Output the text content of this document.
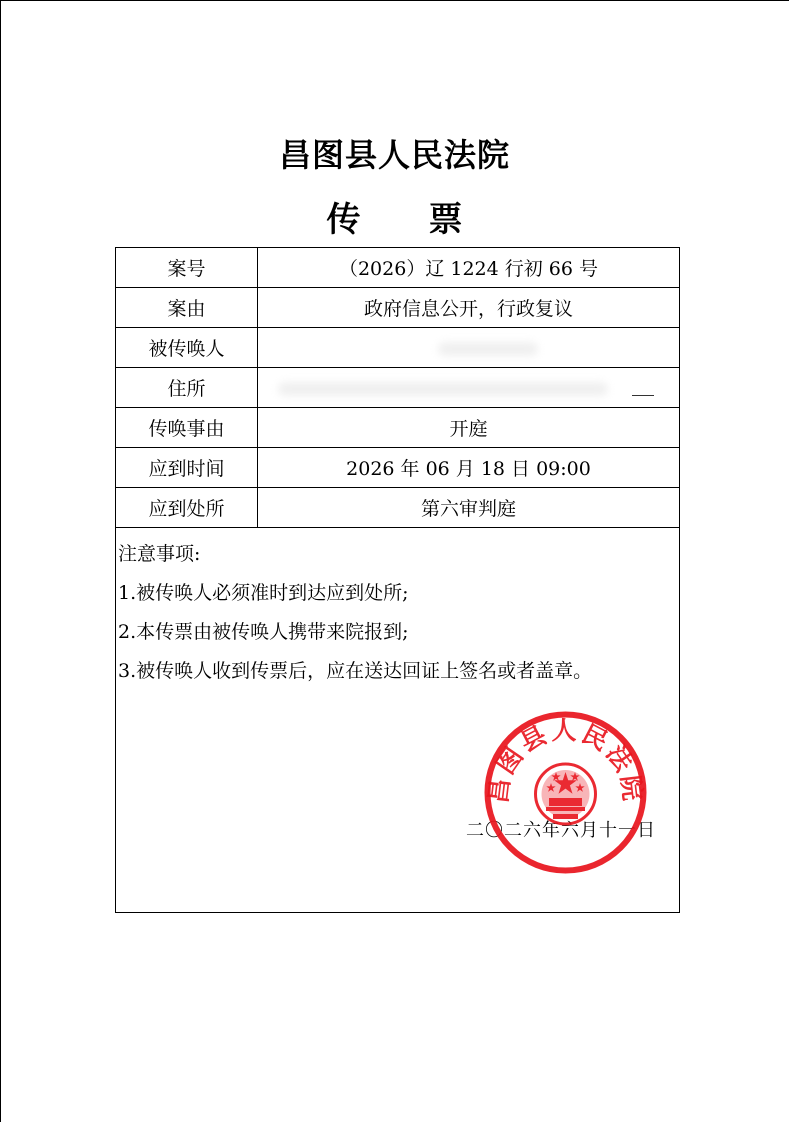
昌图县人民法院
传 票
案号	（2026）辽 1224 行初 66 号
案由	政府信息公开，行政复议
被传唤人
住所
传唤事由	开庭
应到时间	2026 年 06 月 18 日 09:00
应到处所	第六审判庭
注意事项:
1.被传唤人必须准时到达应到处所;
2.本传票由被传唤人携带来院报到;
3.被传唤人收到传票后，应在送达回证上签名或者盖章。
二〇二六年六月十一日
昌图县人民法院
